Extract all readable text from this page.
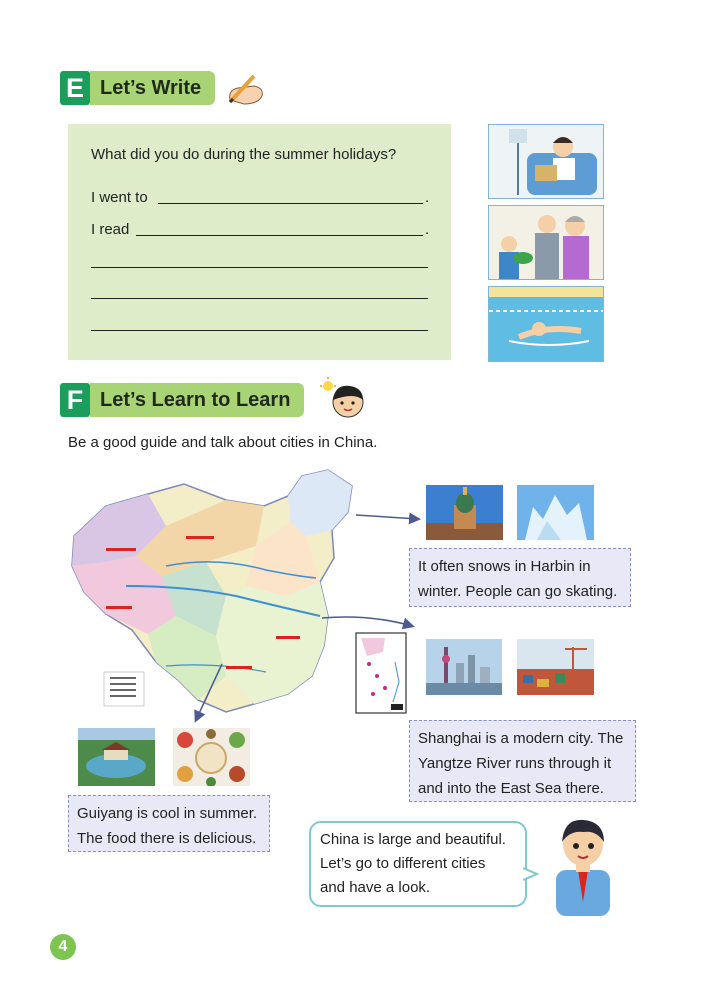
E Let’s Write
What did you do during the summer holidays?
I went to	.
I read	.
F Let’s Learn to Learn
Be a good guide and talk about cities in China.
It often snows in Harbin in
winter. People can go skating.
Shanghai is a modern city. The
Yangtze River runs through it
and into the East Sea there.
Guiyang is cool in summer.
The food there is delicious.	China is large and beautiful.
Let’s go to different cities
and have a look.
4
